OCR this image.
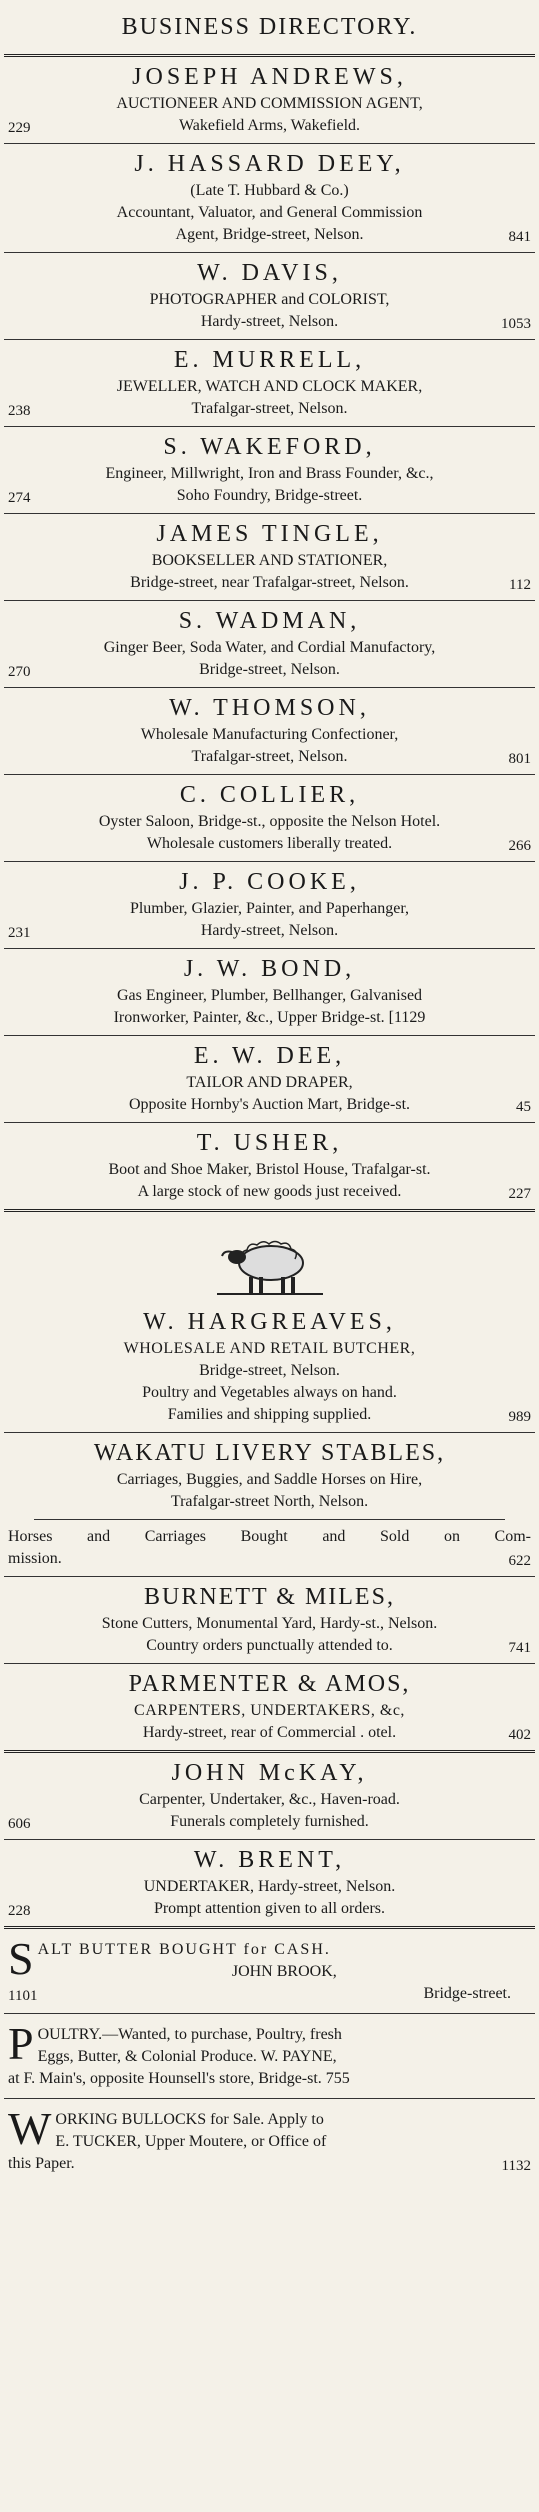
BUSINESS DIRECTORY.
JOSEPH ANDREWS,
AUCTIONEER AND COMMISSION AGENT,
Wakefield Arms, Wakefield.
229
J. HASSARD DEEY,
(Late T. Hubbard & Co.)
Accountant, Valuator, and General Commission
Agent, Bridge-street, Nelson.	841
W. DAVIS,
PHOTOGRAPHER and COLORIST,
Hardy-street, Nelson.	1053
E. MURRELL,
JEWELLER, WATCH AND CLOCK MAKER,
Trafalgar-street, Nelson.
238
S. WAKEFORD,
Engineer, Millwright, Iron and Brass Founder, &c.,
Soho Foundry, Bridge-street.
274
JAMES TINGLE,
BOOKSELLER AND STATIONER,
Bridge-street, near Trafalgar-street, Nelson.	112
S. WADMAN,
Ginger Beer, Soda Water, and Cordial Manufactory,
Bridge-street, Nelson.
270
W. THOMSON,
Wholesale Manufacturing Confectioner,
Trafalgar-street, Nelson.	801
C. COLLIER,
Oyster Saloon, Bridge-st., opposite the Nelson Hotel.
Wholesale customers liberally treated.	266
J. P. COOKE,
Plumber, Glazier, Painter, and Paperhanger,
Hardy-street, Nelson.
231
J. W. BOND,
Gas Engineer, Plumber, Bellhanger, Galvanised
Ironworker, Painter, &c., Upper Bridge-st. [1129
E. W. DEE,
TAILOR AND DRAPER,
Opposite Hornby's Auction Mart, Bridge-st.	45
T. USHER,
Boot and Shoe Maker, Bristol House, Trafalgar-st.
A large stock of new goods just received.	227
W. HARGREAVES,
WHOLESALE AND RETAIL BUTCHER,
Bridge-street, Nelson.
Poultry and Vegetables always on hand.
Families and shipping supplied.	989
WAKATU LIVERY STABLES,
Carriages, Buggies, and Saddle Horses on Hire,
Trafalgar-street North, Nelson.
Horses and Carriages Bought and Sold on Com-
mission.	622
BURNETT & MILES,
Stone Cutters, Monumental Yard, Hardy-st., Nelson.
Country orders punctually attended to.	741
PARMENTER & AMOS,
CARPENTERS, UNDERTAKERS, &c,
Hardy-street, rear of Commercial . otel.	402
JOHN McKAY,
Carpenter, Undertaker, &c., Haven-road.
Funerals completely furnished.
606
W. BRENT,
UNDERTAKER, Hardy-street, Nelson.
Prompt attention given to all orders.
228
S ALT BUTTER BOUGHT for CASH.
JOHN BROOK,
1101	Bridge-street.
P OULTRY.—Wanted, to purchase, Poultry, fresh
Eggs, Butter, & Colonial Produce. W. PAYNE,
at F. Main's, opposite Hounsell's store, Bridge-st. 755
W ORKING BULLOCKS for Sale. Apply to
E. TUCKER, Upper Moutere, or Office of
this Paper.	1132
